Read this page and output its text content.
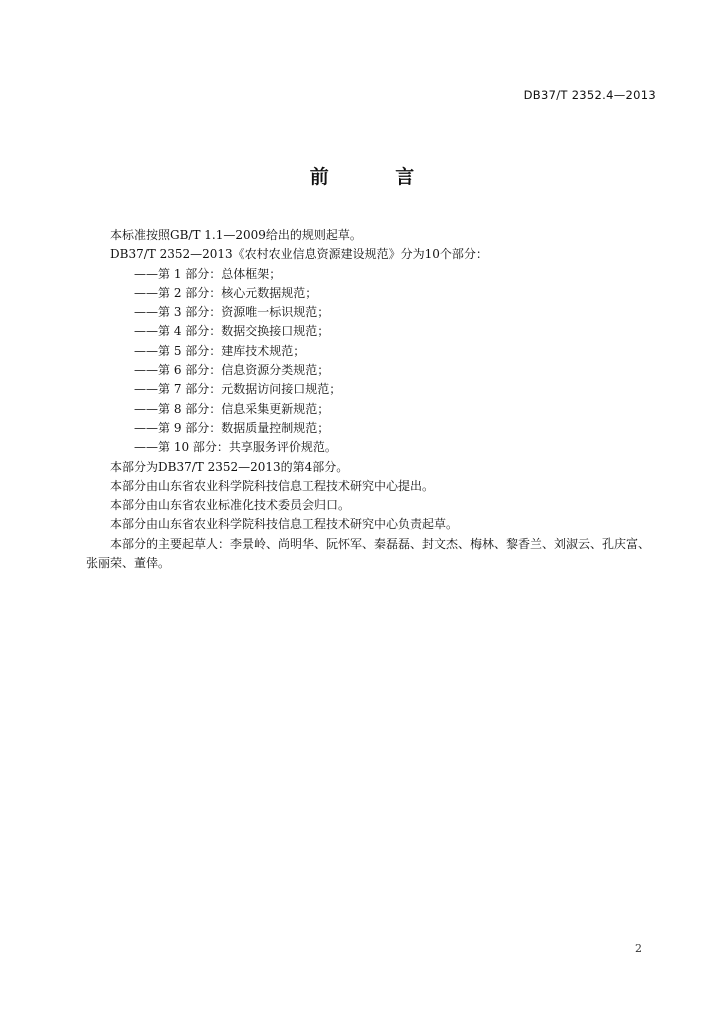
DB37/T 2352.4—2013
前 言

本标准按照GB/T 1.1—2009给出的规则起草。

DB37/T 2352—2013《农村农业信息资源建设规范》分为10个部分：

——第 1 部分：总体框架；
——第 2 部分：核心元数据规范；
——第 3 部分：资源唯一标识规范；
——第 4 部分：数据交换接口规范；
——第 5 部分：建库技术规范；
——第 6 部分：信息资源分类规范；
——第 7 部分：元数据访问接口规范；
——第 8 部分：信息采集更新规范；
——第 9 部分：数据质量控制规范；
——第 10 部分：共享服务评价规范。

本部分为DB37/T 2352—2013的第4部分。

本部分由山东省农业科学院科技信息工程技术研究中心提出。

本部分由山东省农业标准化技术委员会归口。

本部分由山东省农业科学院科技信息工程技术研究中心负责起草。

本部分的主要起草人：李景岭、尚明华、阮怀军、秦磊磊、封文杰、梅林、黎香兰、刘淑云、孔庆富、张丽荣、董倖。

2
